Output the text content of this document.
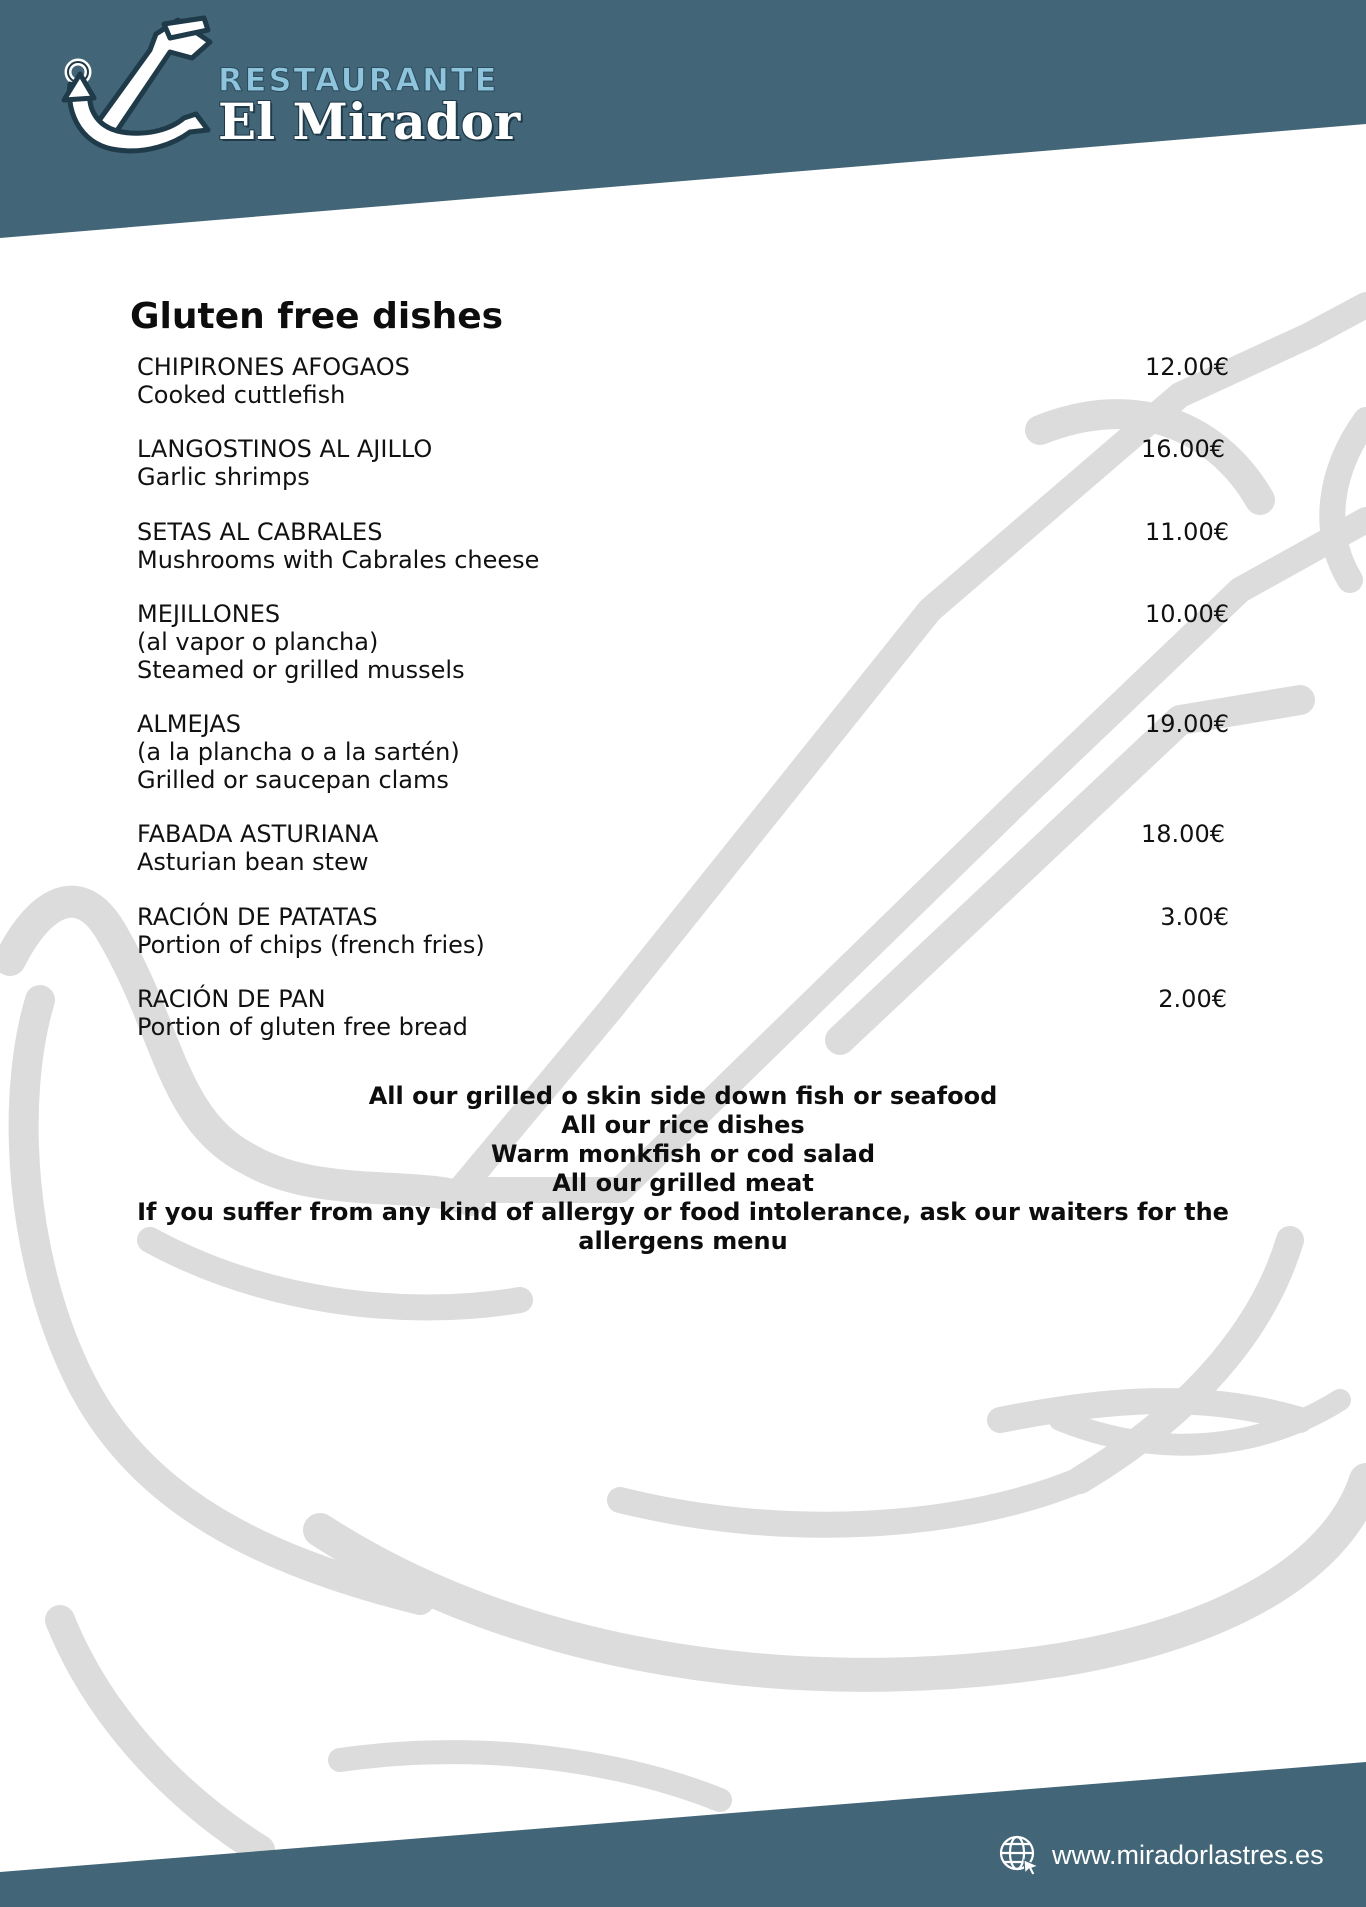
RESTAURANTE
El Mirador
Gluten free dishes
CHIPIRONES AFOGAOS
Cooked cuttlefish
12.00€
LANGOSTINOS AL AJILLO
Garlic shrimps
16.00€
SETAS AL CABRALES
Mushrooms with Cabrales cheese
11.00€
MEJILLONES
(al vapor o plancha)
Steamed or grilled mussels
10.00€
ALMEJAS
(a la plancha o a la sartén)
Grilled or saucepan clams
19.00€
FABADA ASTURIANA
Asturian bean stew
18.00€
RACIÓN DE PATATAS
Portion of chips (french fries)
3.00€
RACIÓN DE PAN
Portion of gluten free bread
2.00€
All our grilled o skin side down fish or seafood
All our rice dishes
Warm monkfish or cod salad
All our grilled meat
If you suffer from any kind of allergy or food intolerance, ask our waiters for the allergens menu
www.miradorlastres.es
